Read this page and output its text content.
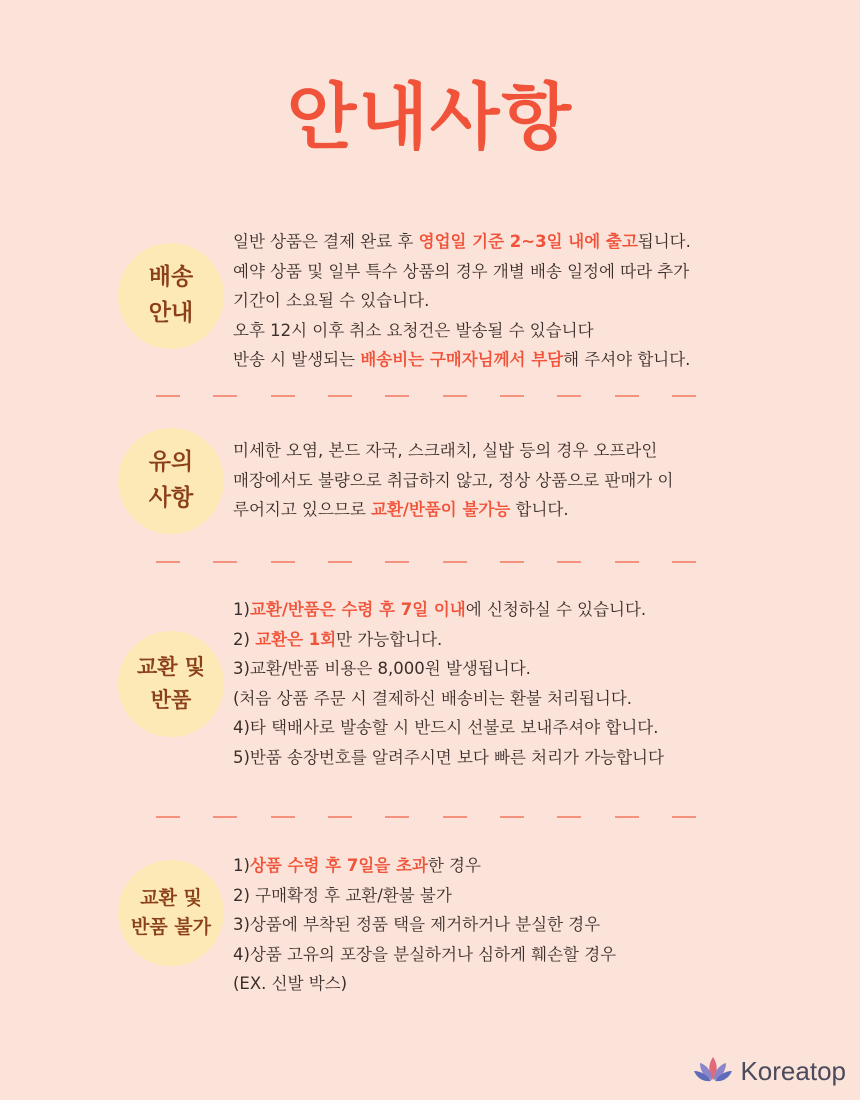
안내사항
배송
안내
일반 상품은 결제 완료 후 영업일 기준 2~3일 내에 출고됩니다.
예약 상품 및 일부 특수 상품의 경우 개별 배송 일정에 따라 추가
기간이 소요될 수 있습니다.
오후 12시 이후 취소 요청건은 발송될 수 있습니다
반송 시 발생되는 배송비는 구매자님께서 부담해 주셔야 합니다.
유의
사항
미세한 오염, 본드 자국, 스크래치, 실밥 등의 경우 오프라인
매장에서도 불량으로 취급하지 않고, 정상 상품으로 판매가 이
루어지고 있으므로 교환/반품이 불가능 합니다.
교환 및
반품
1)교환/반품은 수령 후 7일 이내에 신청하실 수 있습니다.
2) 교환은 1회만 가능합니다.
3)교환/반품 비용은 8,000원 발생됩니다.
(처음 상품 주문 시 결제하신 배송비는 환불 처리됩니다.
4)타 택배사로 발송할 시 반드시 선불로 보내주셔야 합니다.
5)반품 송장번호를 알려주시면 보다 빠른 처리가 가능합니다
교환 및
반품 불가
1)상품 수령 후 7일을 초과한 경우
2) 구매확정 후 교환/환불 불가
3)상품에 부착된 정품 택을 제거하거나 분실한 경우
4)상품 고유의 포장을 분실하거나 심하게 훼손할 경우
(EX. 신발 박스)
Koreatop
